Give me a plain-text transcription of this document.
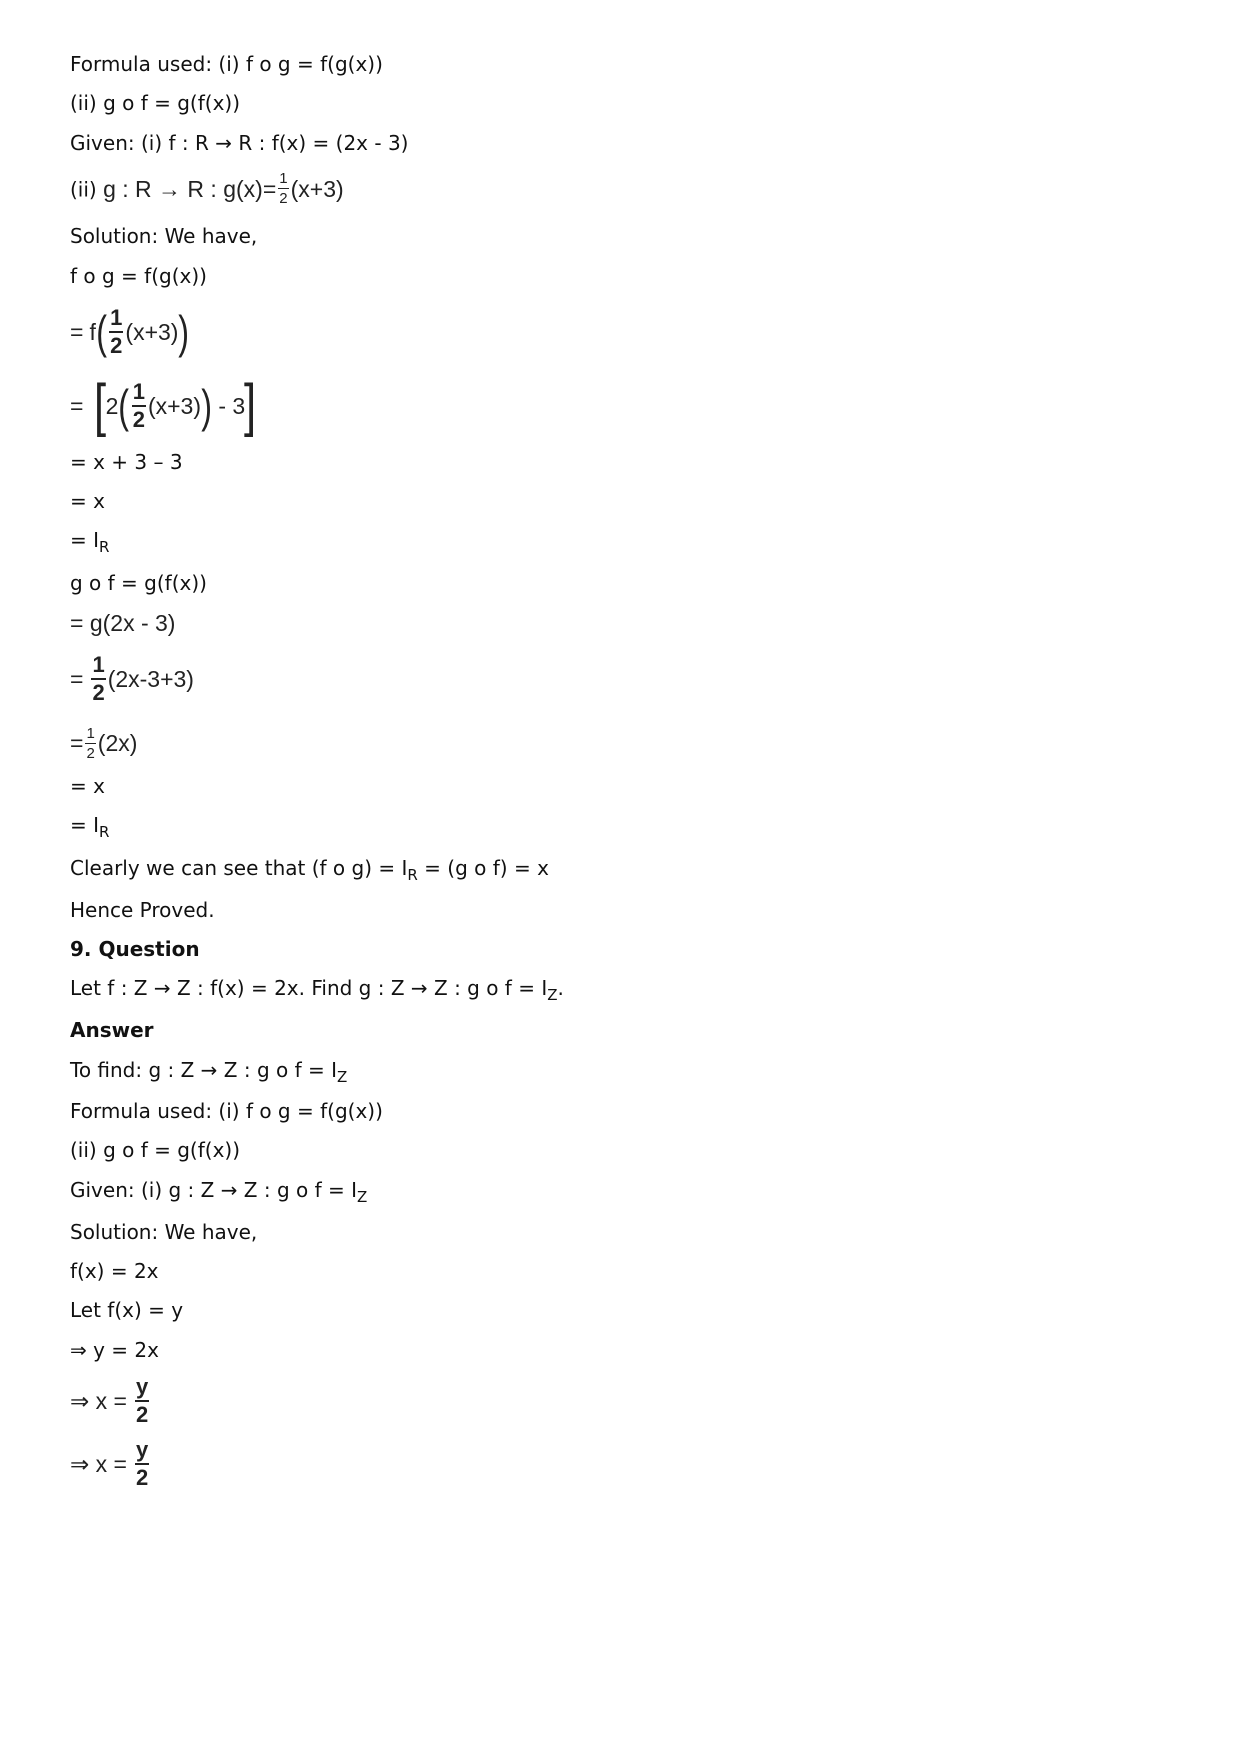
Formula used: (i) f o g = f(g(x))
(ii) g o f = g(f(x))
Given: (i) f : R → R : f(x) = (2x - 3)
(ii) g : R → R : $g(x)= \frac{1}{2} (x+3)$
Solution: We have,
f o g = f(g(x))
= f ( $\frac{1}{2} (x+3)$ )
= [ 2 ( $\frac{1}{2} (x+3)$ ) - 3 ]
= x + 3 – 3
= x
= $I_R$
g o f = g(f(x))
= g(2x - 3)
= $\frac{1}{2} (2x-3+3)$
= $\frac{1}{2} (2x)$
= x
= $I_R$
Clearly we can see that (f o $g) = I_R = (g$ o f) = x
Hence Proved.
9. Question
Let f : Z → Z : f(x) = 2x. Find g : Z → Z : g o $f = I_Z$.
Answer
To find: g : Z → Z : g o $f = I_Z$
Formula used: (i) f o g = f(g(x))
(ii) g o f = g(f(x))
Given: (i) g : Z → Z : g o $f = I_Z$
Solution: We have,
f(x) = 2x
Let f(x) = y
⇒ y = 2x
⇒ $x = \frac{y}{2}$
⇒ $x = \frac{y}{2}$
